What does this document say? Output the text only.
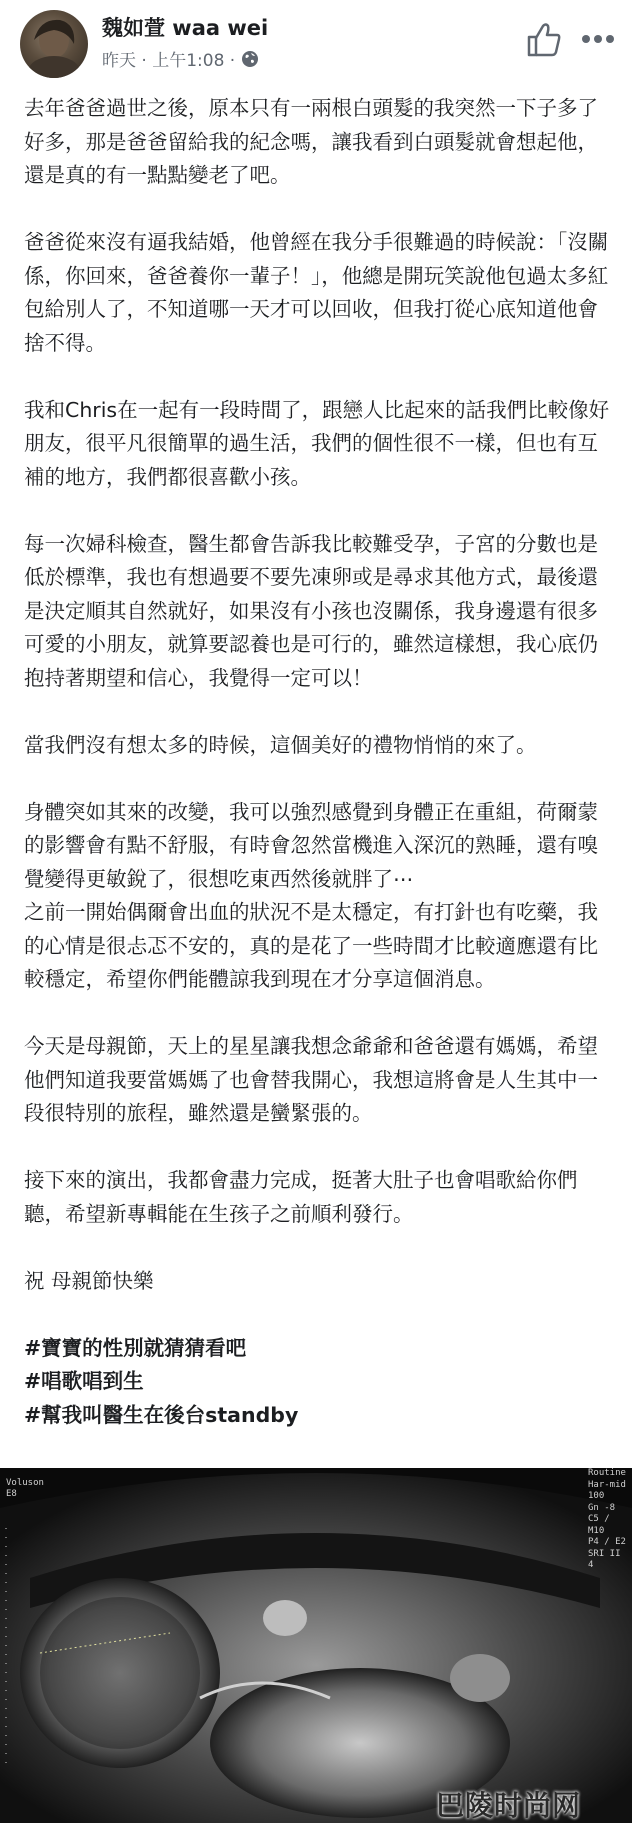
魏如萱 waa wei
昨天 · 上午1:08 ·

去年爸爸過世之後，原本只有一兩根白頭髮的我突然一下子多了好多，那是爸爸留給我的紀念嗎，讓我看到白頭髮就會想起他，還是真的有一點點變老了吧。

爸爸從來沒有逼我結婚，他曾經在我分手很難過的時候說：「沒關係，你回來，爸爸養你一輩子！」，他總是開玩笑說他包過太多紅包給別人了，不知道哪一天才可以回收，但我打從心底知道他會捨不得。

我和Chris在一起有一段時間了，跟戀人比起來的話我們比較像好朋友，很平凡很簡單的過生活，我們的個性很不一樣，但也有互補的地方，我們都很喜歡小孩。

每一次婦科檢查，醫生都會告訴我比較難受孕，子宮的分數也是低於標準，我也有想過要不要先凍卵或是尋求其他方式，最後還是決定順其自然就好，如果沒有小孩也沒關係，我身邊還有很多可愛的小朋友，就算要認養也是可行的，雖然這樣想，我心底仍抱持著期望和信心，我覺得一定可以！

當我們沒有想太多的時候，這個美好的禮物悄悄的來了。

身體突如其來的改變，我可以強烈感覺到身體正在重組，荷爾蒙的影響會有點不舒服，有時會忽然當機進入深沉的熟睡，還有嗅覺變得更敏銳了，很想吃東西然後就胖了⋯

之前一開始偶爾會出血的狀況不是太穩定，有打針也有吃藥，我的心情是很忐忑不安的，真的是花了一些時間才比較適應還有比較穩定，希望你們能體諒我到現在才分享這個消息。

今天是母親節，天上的星星讓我想念爺爺和爸爸還有媽媽，希望他們知道我要當媽媽了也會替我開心，我想這將會是人生其中一段很特別的旅程，雖然還是蠻緊張的。

接下來的演出，我都會盡力完成，挺著大肚子也會唱歌給你們聽，希望新專輯能在生孩子之前順利發行。

祝 母親節快樂

#寶寶的性別就猜猜看吧
#唱歌唱到生
#幫我叫醫生在後台standby
Voluson
E8
Routine
Har-mid
100
Gn -8
C5 / M10
P4 / E2
SRI II 4
巴陵时尚网
